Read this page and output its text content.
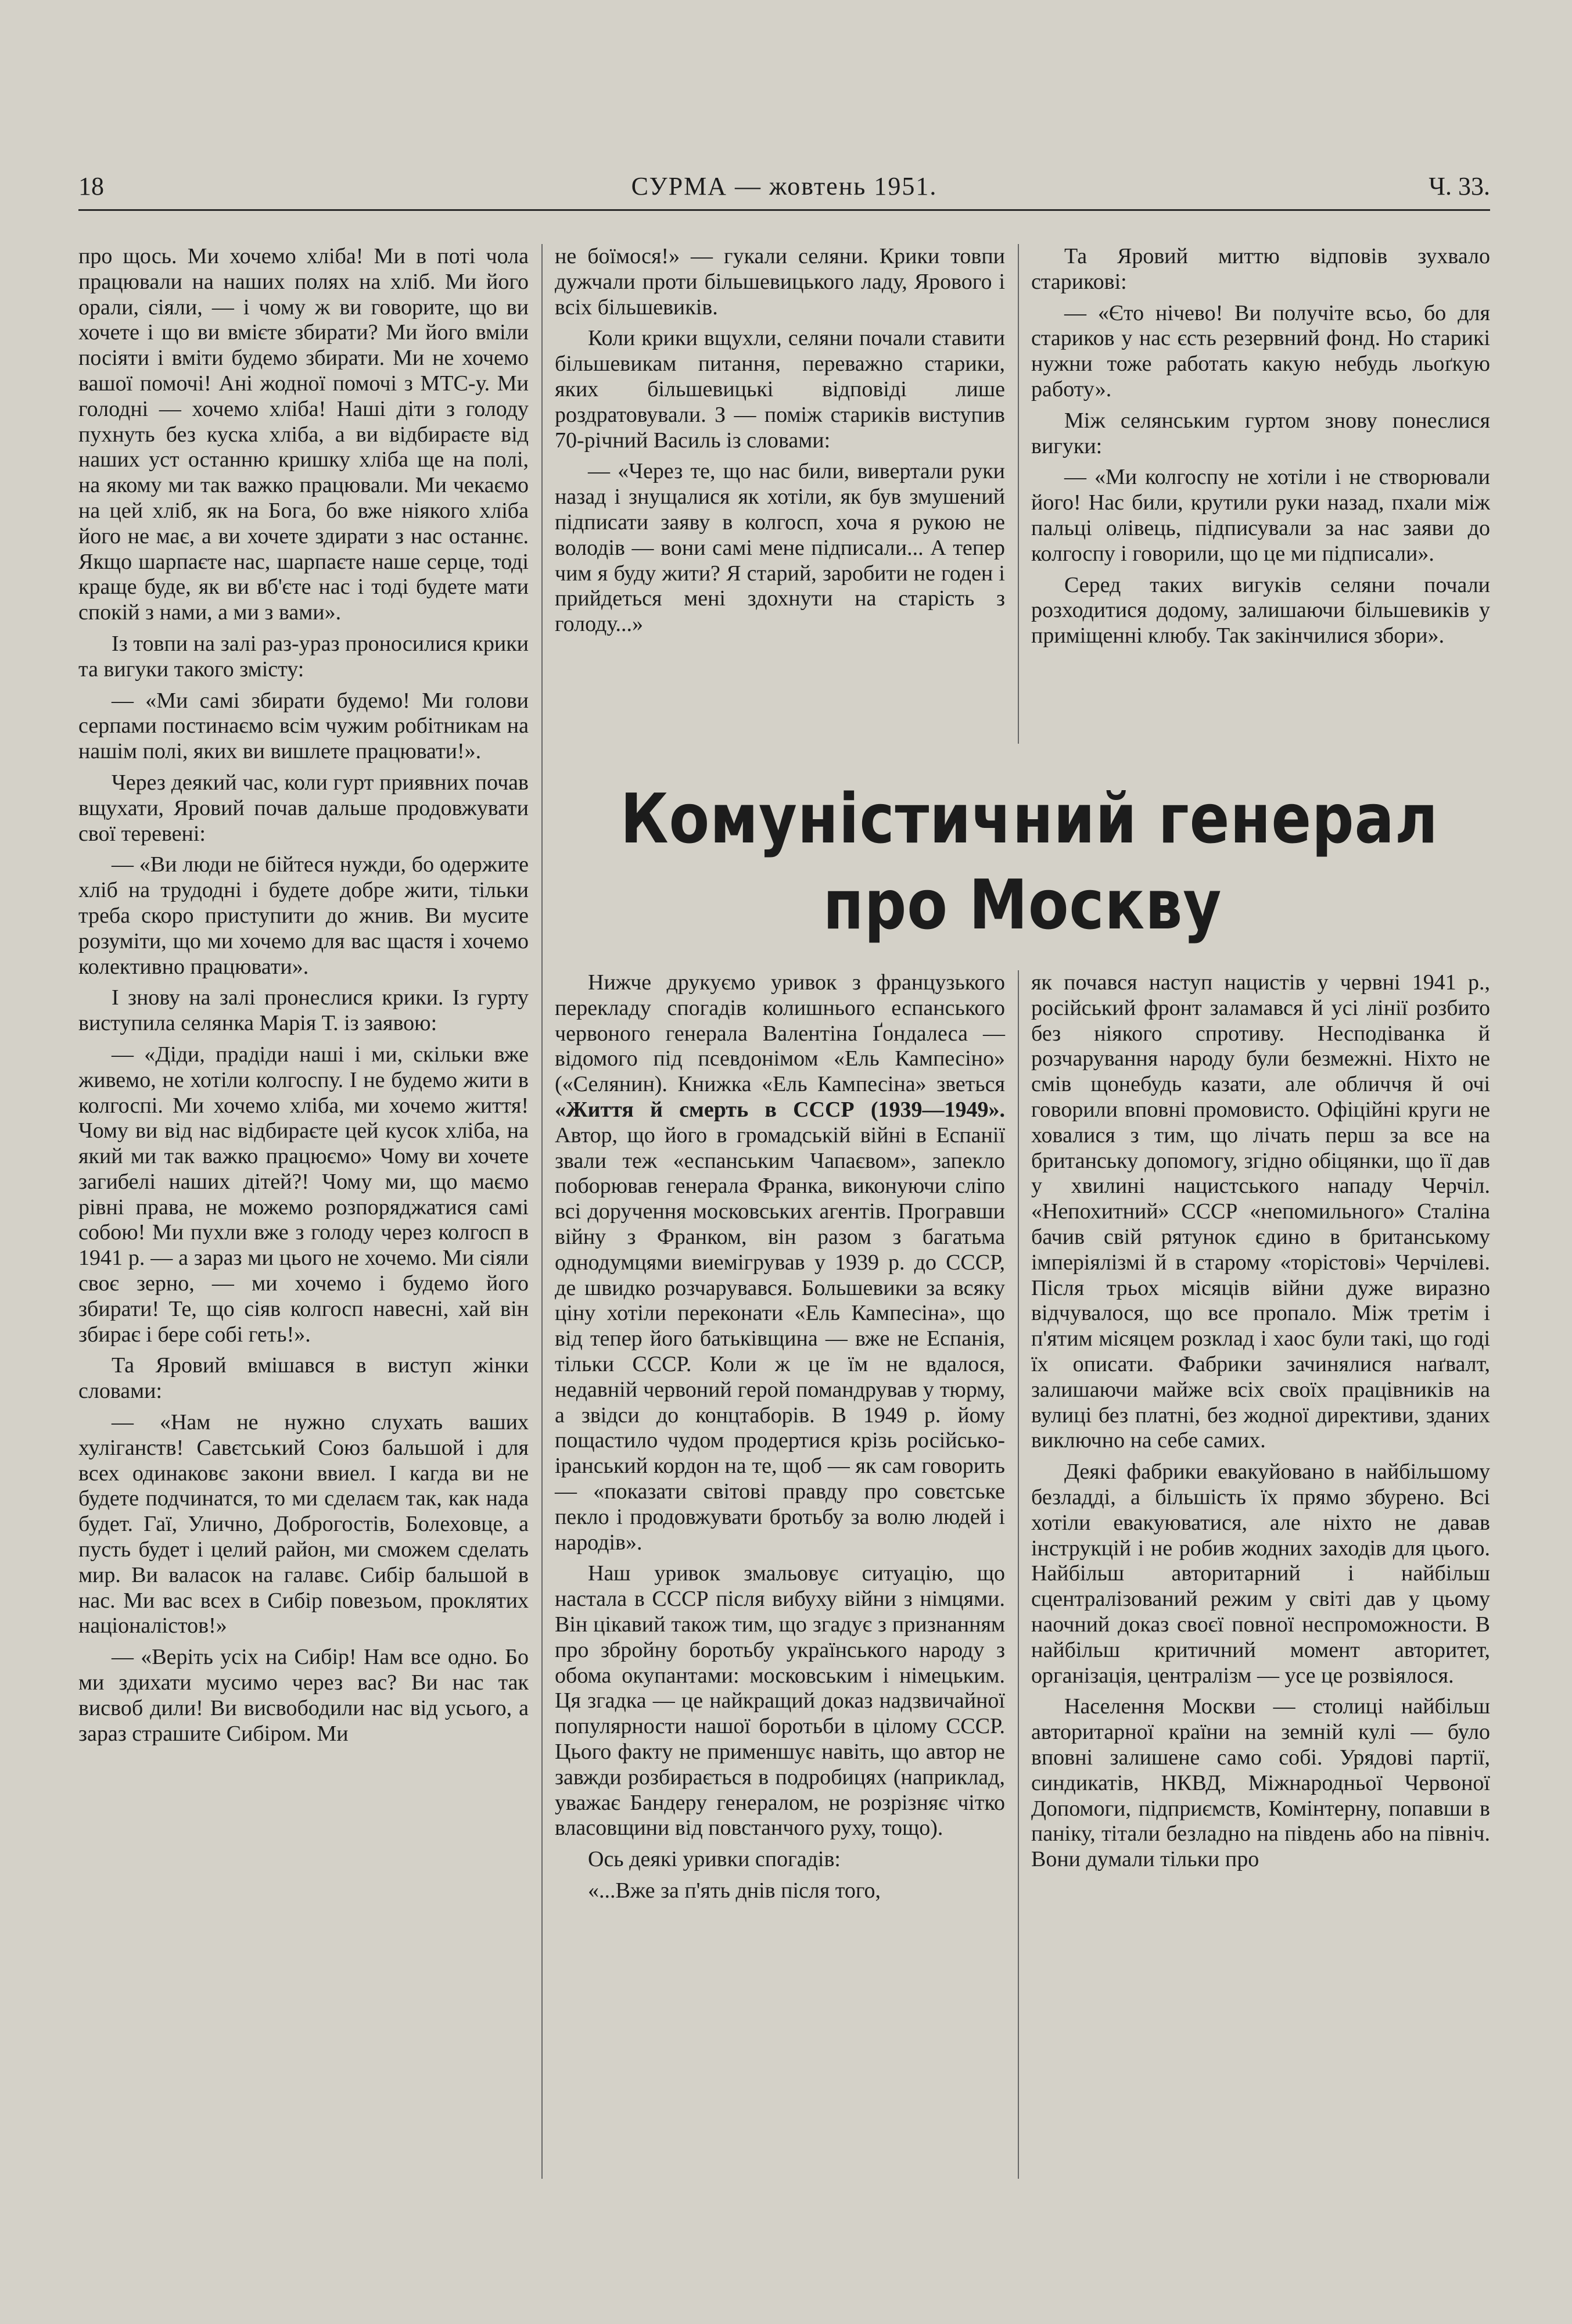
18	СУРМА — жовтень 1951.	Ч. 33.

про щось. Ми хочемо хліба! Ми в поті чола працювали на наших полях на хліб. Ми його орали, сіяли, — і чому ж ви говорите, що ви хочете і що ви вмієте збирати? Ми його вміли посіяти і вміти будемо збирати. Ми не хочемо вашої помочі! Ані жодної помочі з МТС-у. Ми голодні — хочемо хліба! Наші діти з голоду пухнуть без куска хліба, а ви відбираєте від наших уст останню кришку хліба ще на полі, на якому ми так важко працювали. Ми чекаємо на цей хліб, як на Бога, бо вже ніякого хліба його не має, а ви хочете здирати з нас останнє. Якщо шарпаєте нас, шарпаєте наше серце, тоді краще буде, як ви вб'єте нас і тоді будете мати спокій з нами, а ми з вами».

Із товпи на залі раз-ураз проносилися крики та вигуки такого змісту:

— «Ми самі збирати будемо! Ми голови серпами постинаємо всім чужим робітникам на нашім полі, яких ви вишлете працювати!».

Через деякий час, коли гурт приявних почав вщухати, Яровий почав дальше продовжувати свої теревені:

— «Ви люди не бійтеся нужди, бо одержите хліб на трудодні і будете добре жити, тільки треба скоро приступити до жнив. Ви мусите розуміти, що ми хочемо для вас щастя і хочемо колективно працювати».

І знову на залі пронеслися крики. Із гурту виступила селянка Марія Т. із заявою:

— «Діди, прадіди наші і ми, скільки вже живемо, не хотіли колгоспу. І не будемо жити в колгоспі. Ми хочемо хліба, ми хочемо життя! Чому ви від нас відбираєте цей кусок хліба, на який ми так важко працюємо» Чому ви хочете загибелі наших дітей?! Чому ми, що маємо рівні права, не можемо розпоряджатися самі собою! Ми пухли вже з голоду через колгосп в 1941 р. — а зараз ми цього не хочемо. Ми сіяли своє зерно, — ми хочемо і будемо його збирати! Те, що сіяв колгосп навесні, хай він збирає і бере собі геть!».

Та Яровий вмішався в виступ жінки словами:

— «Нам не нужно слухать ваших хуліганств! Савєтський Союз бальшой і для всех одинаковє закони ввиел. І кагда ви не будете подчинатся, то ми сделаєм так, как нада будет. Гаї, Улично, Доброгостів, Болеховце, а пусть будет і целий район, ми сможем сделать мир. Ви валасок на галавє. Сибір бальшой в нас. Ми вас всех в Сибір повезьом, проклятих націоналістов!»

— «Веріть усіх на Сибір! Нам все одно. Бо ми здихати мусимо через вас? Ви нас так висвоб дили! Ви висвободили нас від усього, а зараз страшите Сибіром. Ми

не боїмося!» — гукали селяни. Крики товпи дужчали проти більшевицького ладу, Ярового і всіх більшевиків.

Коли крики вщухли, селяни почали ставити більшевикам питання, переважно старики, яких більшевицькі відповіді лише роздратовували. З — поміж стариків виступив 70-річний Василь із словами:

— «Через те, що нас били, вивертали руки назад і знущалися як хотіли, як був змушений підписати заяву в колгосп, хоча я рукою не володів — вони самі мене підписали... А тепер чим я буду жити? Я старий, заробити не годен і прийдеться мені здохнути на старість з голоду...»

Та Яровий миттю відповів зухвало старикові:

— «Єто нічево! Ви получіте всьо, бо для стариков у нас єсть резервний фонд. Но старикі нужни тоже работать какую небудь льоґкую работу».

Між селянським гуртом знову понеслися вигуки:

— «Ми колгоспу не хотіли і не створювали його! Нас били, крутили руки назад, пхали між пальці олівець, підписували за нас заяви до колгоспу і говорили, що це ми підписали».

Серед таких вигуків селяни почали розходитися додому, залишаючи більшевиків у приміщенні клюбу. Так закінчилися збори».

Комуністичний генерал
про Москву

Нижче друкуємо уривок з французького перекладу спогадів колишнього еспанського червоного генерала Валентіна Ґондалеса — відомого під псевдонімом «Ель Кампесіно» («Селянин). Книжка «Ель Кампесіна» зветься «Життя й смерть в СССР (1939—1949». Автор, що його в громадській війні в Еспанії звали теж «еспанським Чапаєвом», запекло поборював генерала Франка, виконуючи сліпо всі доручення московських агентів. Програвши війну з Франком, він разом з багатьма однодумцями виемігрував у 1939 р. до СССР, де швидко розчарувався. Большевики за всяку ціну хотіли переконати «Ель Кампесіна», що від тепер його батьківщина — вже не Еспанія, тільки СССР. Коли ж це їм не вдалося, недавній червоний герой помандрував у тюрму, а звідси до концтаборів. В 1949 р. йому пощастило чудом продертися крізь російсько-іранський кордон на те, щоб — як сам говорить — «показати світові правду про совєтське пекло і продовжувати бротьбу за волю людей і народів».

Наш уривок змальовує ситуацію, що настала в СССР після вибуху війни з німцями. Він цікавий також тим, що згадує з признанням про збройну боротьбу українського народу з обома окупантами: московським і німецьким. Ця згадка — це найкращий доказ надзвичайної популярности нашої боротьби в цілому СССР. Цього факту не применшує навіть, що автор не завжди розбирається в подробицях (наприклад, уважає Бандеру генералом, не розрізняє чітко власовщини від повстанчого руху, тощо).

Ось деякі уривки спогадів:

«...Вже за п'ять днів після того,

як почався наступ нацистів у червні 1941 р., російський фронт заламався й усі лінії розбито без ніякого спротиву. Несподіванка й розчарування народу були безмежні. Ніхто не смів щонебудь казати, але обличчя й очі говорили вповні промовисто. Офіційні круги не ховалися з тим, що лічать перш за все на британську допомогу, згідно обіцянки, що її дав у хвилині нацистського нападу Черчіл. «Непохитний» СССР «непомильного» Сталіна бачив свій рятунок єдино в британському імперіялізмі й в старому «торістові» Черчілеві. Після трьох місяців війни дуже виразно відчувалося, що все пропало. Між третім і п'ятим місяцем розклад і хаос були такі, що годі їх описати. Фабрики зачинялися наґвалт, залишаючи майже всіх своїх працівників на вулиці без платні, без жодної директиви, зданих виключно на себе самих.

Деякі фабрики евакуйовано в найбільшому безладді, а більшість їх прямо збурено. Всі хотіли евакуюватися, але ніхто не давав інструкцій і не робив жодних заходів для цього. Найбільш авторитарний і найбільш сцентралізований режим у світі дав у цьому наочний доказ своєї повної неспроможности. В найбільш критичний момент авторитет, організація, централізм — усе це розвіялося.

Населення Москви — столиці найбільш авторитарної країни на земній кулі — було вповні залишене само собі. Урядові партії, синдикатів, НКВД, Міжнародньої Червоної Допомоги, підприємств, Комінтерну, попавши в паніку, тітали безладно на південь або на північ. Вони думали тільки про
